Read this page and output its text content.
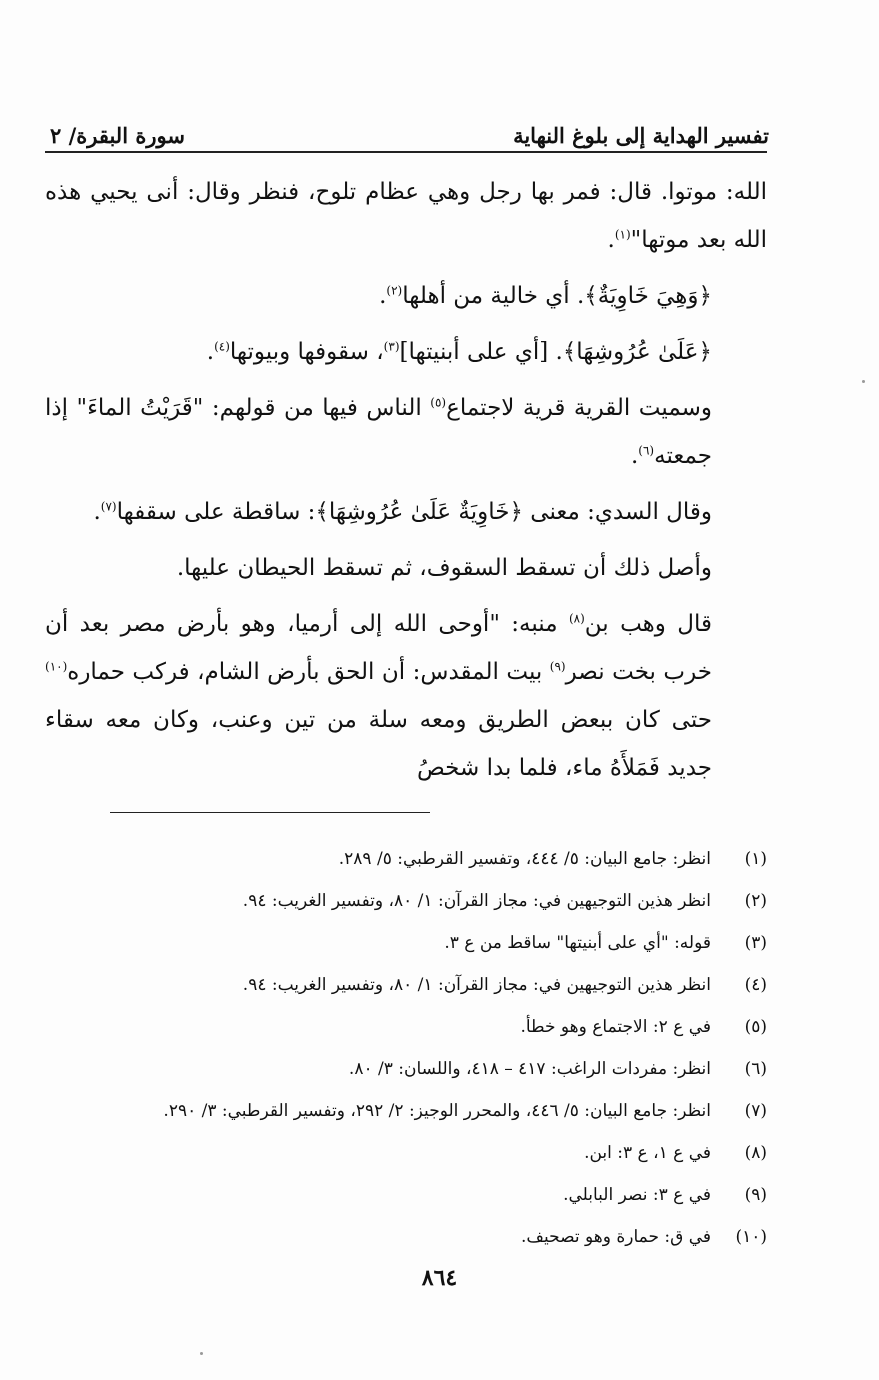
تفسير الهداية إلى بلوغ النهاية
سورة البقرة/ ٢

الله: موتوا. قال: فمر بها رجل وهي عظام تلوح، فنظر وقال: أنى يحيي هذه الله بعد موتها"$^{(١)}$.

﴿وَهِيَ خَاوِيَةٌ﴾. أي خالية من أهلها$^{(٢)}$.

﴿عَلَىٰ عُرُوشِهَا﴾. [أي على أبنيتها]$^{(٣)}$، سقوفها وبيوتها$^{(٤)}$.

وسميت القرية قرية لاجتماع$^{(٥)}$ الناس فيها من قولهم: "قَرَيْتُ الماءَ" إذا جمعته$^{(٦)}$.

وقال السدي: معنى ﴿خَاوِيَةٌ عَلَىٰ عُرُوشِهَا﴾: ساقطة على سقفها$^{(٧)}$.

وأصل ذلك أن تسقط السقوف، ثم تسقط الحيطان عليها.

قال وهب بن$^{(٨)}$ منبه: "أوحى الله إلى أرميا، وهو بأرض مصر بعد أن خرب بخت نصر$^{(٩)}$ بيت المقدس: أن الحق بأرض الشام، فركب حماره$^{(١٠)}$ حتى كان ببعض الطريق ومعه سلة من تين وعنب، وكان معه سقاء جديد فَمَلأَهُ ماء، فلما بدا شخصُ

(١)
انظر: جامع البيان: ٥/ ٤٤٤، وتفسير القرطبي: ٥/ ٢٨٩.
(٢)
انظر هذين التوجيهين في: مجاز القرآن: ١/ ٨٠، وتفسير الغريب: ٩٤.
(٣)
قوله: "أي على أبنيتها" ساقط من ع ٣.
(٤)
انظر هذين التوجيهين في: مجاز القرآن: ١/ ٨٠، وتفسير الغريب: ٩٤.
(٥)
في ع ٢: الاجتماع وهو خطأ.
(٦)
انظر: مفردات الراغب: ٤١٧ – ٤١٨، واللسان: ٣/ ٨٠.
(٧)
انظر: جامع البيان: ٥/ ٤٤٦، والمحرر الوجيز: ٢/ ٢٩٢، وتفسير القرطبي: ٣/ ٢٩٠.
(٨)
في ع ١، ع ٣: ابن.
(٩)
في ع ٣: نصر البابلي.
(١٠)
في ق: حمارة وهو تصحيف.
٨٦٤
